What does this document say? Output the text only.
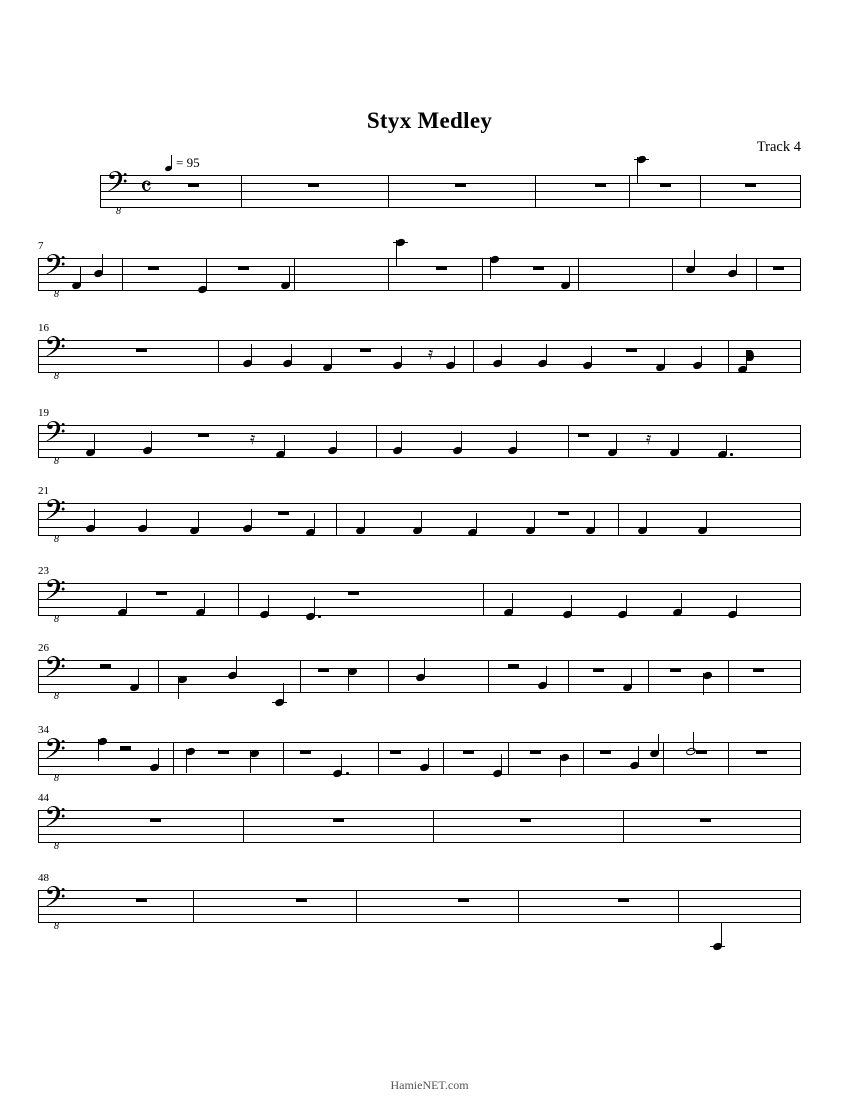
Styx Medley
Track 4
= 95
𝄢
8
𝄴
7
𝄢
8
16
𝄢
8
𝄿
19
𝄢
8
𝄿	𝄿
21
𝄢
8
23
𝄢
8
26
𝄢
8
34
𝄢
8
44
𝄢
8
48
𝄢
8
HamieNET.com
